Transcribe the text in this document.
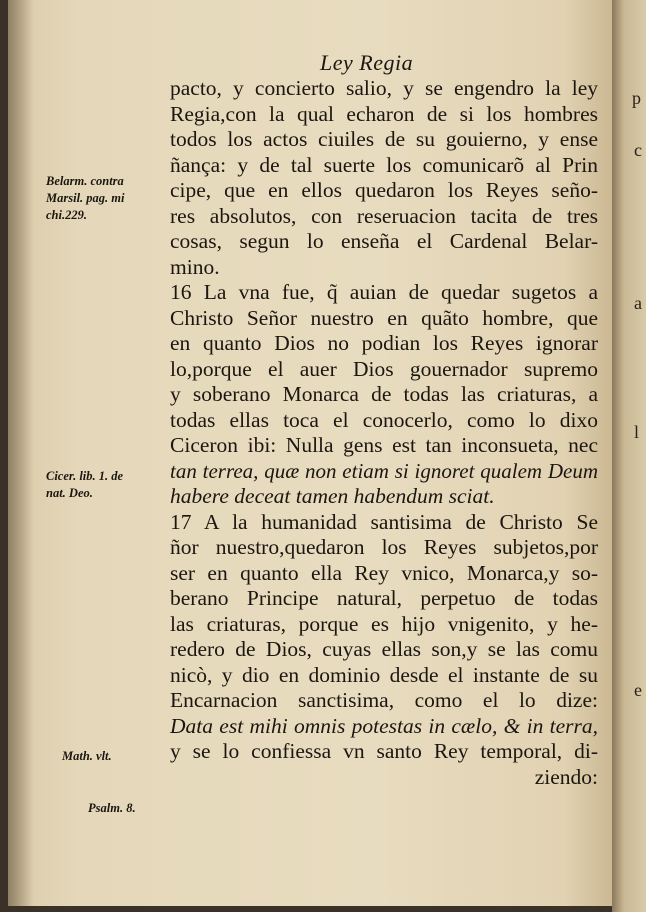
p
c
a
l
e
Ley Regia
pacto, y concierto salio, y se engendro la ley
Regia,con la qual echaron de si los hombres
todos los actos ciuiles de su gouierno, y ense
ñança: y de tal suerte los comunicarõ al Prin
cipe, que en ellos quedaron los Reyes seño-
res absolutos, con reseruacion tacita de tres
cosas, segun lo enseña el Cardenal Belar-
mino.
16 La vna fue, q̃ auian de quedar sugetos a
Christo Señor nuestro en quãto hombre, que
en quanto Dios no podian los Reyes ignorar
lo,porque el auer Dios gouernador supremo
y soberano Monarca de todas las criaturas, a
todas ellas toca el conocerlo, como lo dixo
Ciceron ibi: Nulla gens est tan inconsueta, nec
tan terrea, quæ non etiam si ignoret qualem Deum
habere deceat tamen habendum sciat.
17 A la humanidad santisima de Christo Se
ñor nuestro,quedaron los Reyes subjetos,por
ser en quanto ella Rey vnico, Monarca,y so-
berano Principe natural, perpetuo de todas
las criaturas, porque es hijo vnigenito, y he-
redero de Dios, cuyas ellas son,y se las comu
nicò, y dio en dominio desde el instante de su
Encarnacion sanctisima, como el lo dize:
Data est mihi omnis potestas in cælo, & in terra,
y se lo confiessa vn santo Rey temporal, di-
ziendo:
Belarm. contra
Marsil. pag. mi
chi.229.
Cicer. lib. 1. de
nat. Deo.
Math. vlt.
Psalm. 8.
